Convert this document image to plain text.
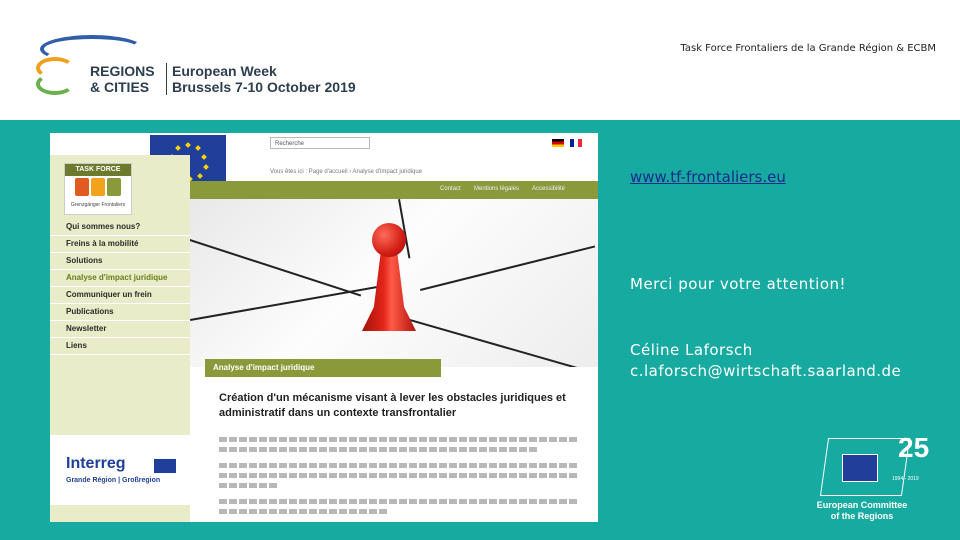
REGIONS
& CITIES
European Week
Brussels 7-10 October 2019
Task Force Frontaliers de la Grande Région & ECBM
Recherche
Vous êtes ici : Page d'accueil › Analyse d'impact juridique
Contact Mentions légales Accessibilité
TASK FORCE
Grenzgänger Frontaliers
Qui sommes nous?
Freins à la mobilité
Solutions
Analyse d'impact juridique
Communiquer un frein
Publications
Newsletter
Liens
Interreg
Grande Région | Großregion
Analyse d'impact juridique
Création d'un mécanisme visant à lever les obstacles juridiques et administratif dans un contexte transfrontalier
www.tf-frontaliers.eu
Merci pour votre attention!
Céline Laforsch
c.laforsch@wirtschaft.saarland.de
25
1994 - 2019
European Committee
of the Regions
